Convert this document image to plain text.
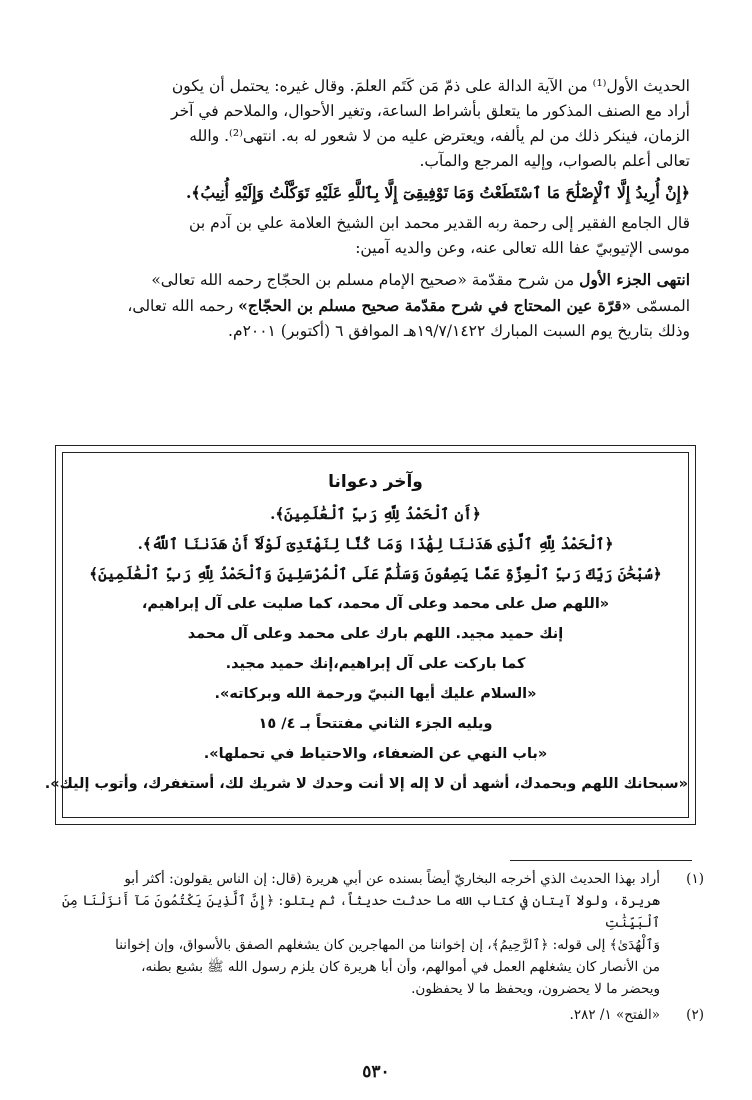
الحديث الأول⁽¹⁾ من الآية الدالة على ذمّ مَن كَتَم العلمَ. وقال غيره: يحتمل أن يكون

أراد مع الصنف المذكور ما يتعلق بأشراط الساعة، وتغير الأحوال، والملاحم في آخر

الزمان، فينكر ذلك من لم يألفه، ويعترض عليه من لا شعور له به. انتهى⁽²⁾. والله

تعالى أعلم بالصواب، وإليه المرجع والمآب.

﴿إِنْ أُرِيدُ إِلَّا ٱلْإِصْلَٰحَ مَا ٱسْتَطَعْتُ وَمَا تَوْفِيقِىٓ إِلَّا بِٱللَّهِ عَلَيْهِ تَوَكَّلْتُ وَإِلَيْهِ أُنِيبُ﴾.

قال الجامع الفقير إلى رحمة ربه القدير محمد ابن الشيخ العلامة علي بن آدم بن

موسى الإتيوبيّ عفا الله تعالى عنه، وعن والديه آمين:

انتهى الجزء الأول من شرح مقدّمة «صحيح الإمام مسلم بن الحجّاج رحمه الله تعالى»

المسمّى «قرّة عين المحتاج في شرح مقدّمة صحيح مسلم بن الحجّاج» رحمه الله تعالى،

وذلك بتاريخ يوم السبت المبارك ١٩/٧/١٤٢٢هـ الموافق ٦ (أكتوبر) ٢٠٠١م.

وآخر دعوانا
﴿أَنِ ٱلْحَمْدُ لِلَّهِ رَبِّ ٱلْعَٰلَمِينَ﴾.
﴿ٱلْحَمْدُ لِلَّهِ ٱلَّذِى هَدَىٰنَا لِهَٰذَا وَمَا كُنَّا لِنَهْتَدِىَ لَوْلَآ أَنْ هَدَىٰنَا ٱللَّهُ﴾.
﴿سُبْحَٰنَ رَبِّكَ رَبِّ ٱلْعِزَّةِ عَمَّا يَصِفُونَ وَسَلَٰمٌ عَلَى ٱلْمُرْسَلِينَ وَٱلْحَمْدُ لِلَّهِ رَبِّ ٱلْعَٰلَمِينَ﴾
«اللهم صل على محمد وعلى آل محمد، كما صليت على آل إبراهيم،
إنك حميد مجيد. اللهم بارك على محمد وعلى آل محمد
كما باركت على آل إبراهيم،إنك حميد مجيد.
«السلام عليك أيها النبيّ ورحمة الله وبركاته».
ويليه الجزء الثاني مفتتحاً بـ ٤/ ١٥
«باب النهي عن الضعفاء، والاحتياط في تحملها».
«سبحانك اللهم وبحمدك، أشهد أن لا إله إلا أنت وحدك لا شريك لك، أستغفرك، وأتوب إليك».
(١)
أراد بهذا الحديث الذي أخرجه البخاريّ أيضاً بسنده عن أبي هريرة (قال: إن الناس يقولون: أكثر أبو
هريرة، ولولا آيتان في كتاب الله ما حدثت حديثاً، ثم يتلو: ﴿إِنَّ ٱلَّذِينَ يَكْتُمُونَ مَآ أَنزَلْنَا مِنَ ٱلْبَيِّنَٰتِ
وَٱلْهُدَىٰ﴾ إلى قوله: ﴿ٱلرَّحِيمُ﴾، إن إخواننا من المهاجرين كان يشغلهم الصفق بالأسواق، وإن إخواننا
من الأنصار كان يشغلهم العمل في أموالهم، وأن أبا هريرة كان يلزم رسول الله ﷺ بشبع بطنه،
ويحضر ما لا يحضرون، ويحفظ ما لا يحفظون.
(٢)
«الفتح» ١/ ٢٨٢.
٥٣٠
